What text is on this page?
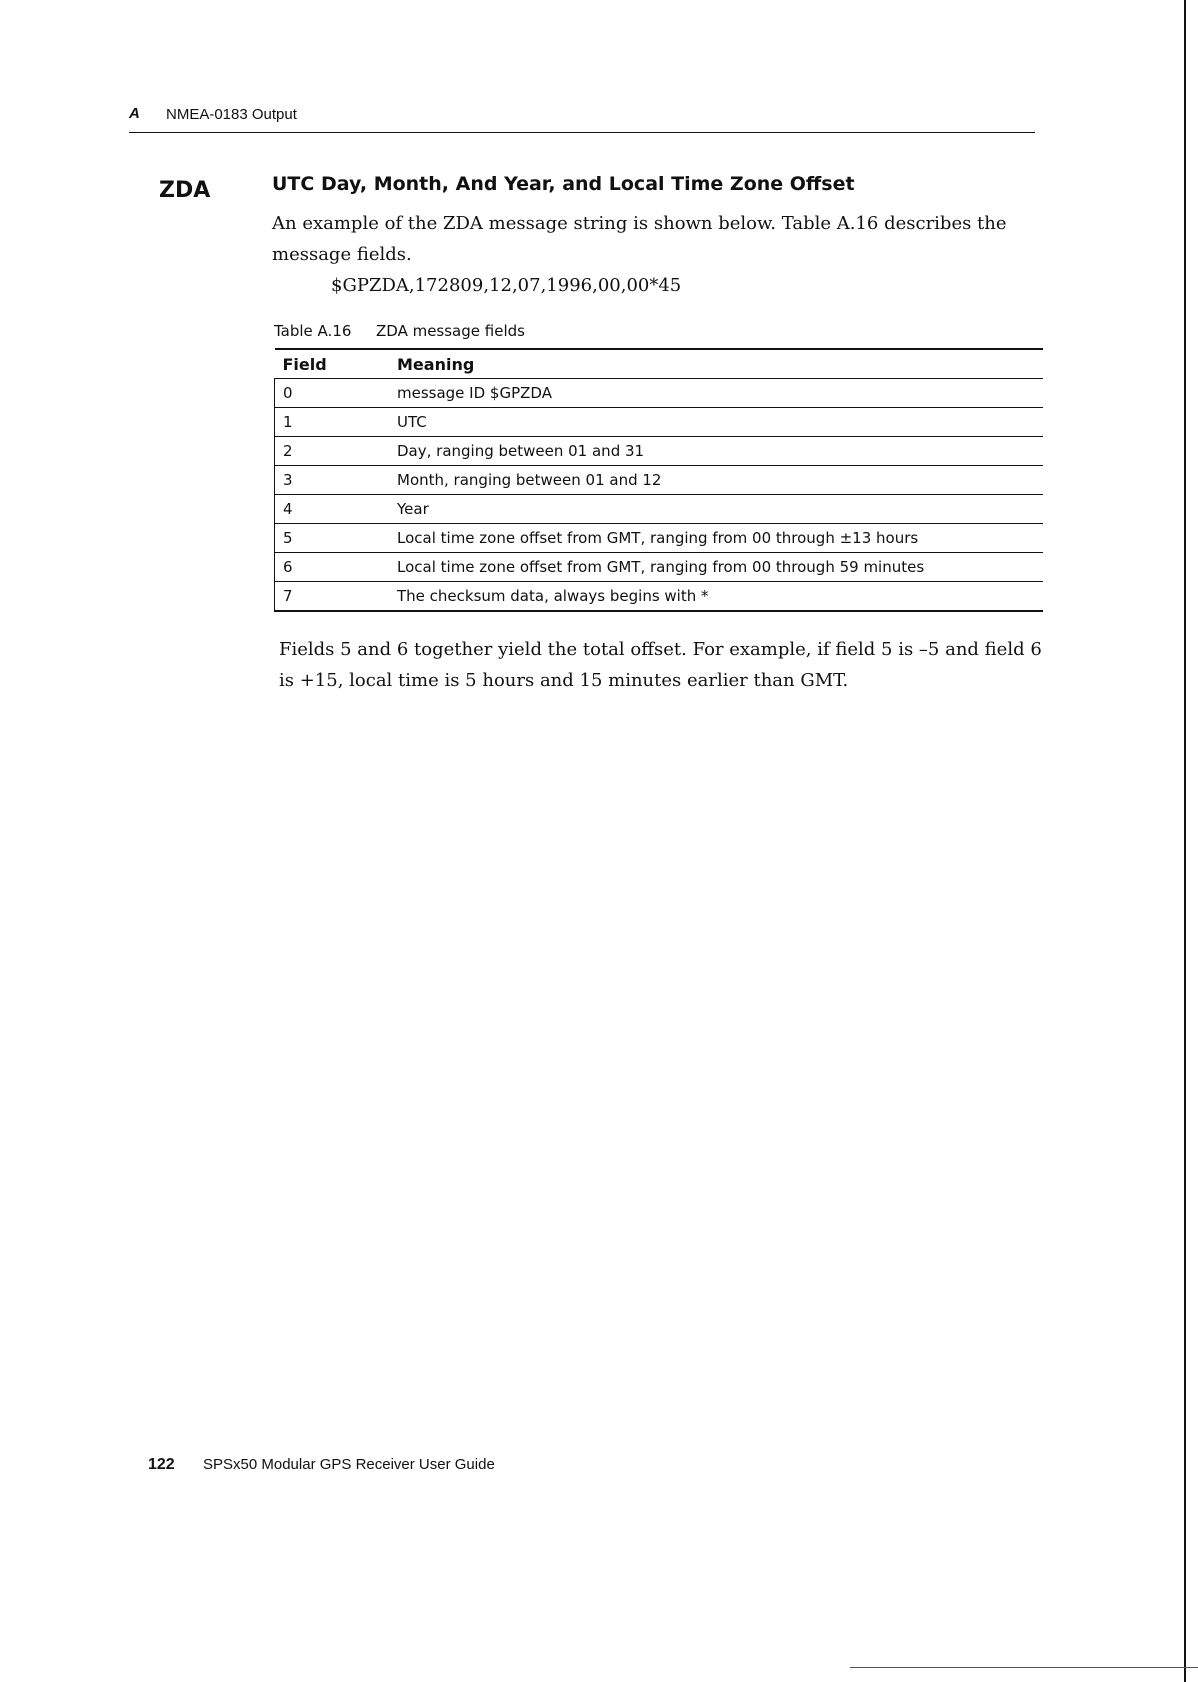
A NMEA-0183 Output
ZDA	UTC Day, Month, And Year, and Local Time Zone Offset
An example of the ZDA message string is shown below. Table A.16 describes the message fields.
$GPZDA,172809,12,07,1996,00,00*45
Table A.16 ZDA message fields
Field	Meaning
0	message ID $GPZDA
1	UTC
2	Day, ranging between 01 and 31
3	Month, ranging between 01 and 12
4	Year
5	Local time zone offset from GMT, ranging from 00 through ±13 hours
6	Local time zone offset from GMT, ranging from 00 through 59 minutes
7	The checksum data, always begins with *
Fields 5 and 6 together yield the total offset. For example, if field 5 is –5 and field 6 is +15, local time is 5 hours and 15 minutes earlier than GMT.
122 SPSx50 Modular GPS Receiver User Guide
